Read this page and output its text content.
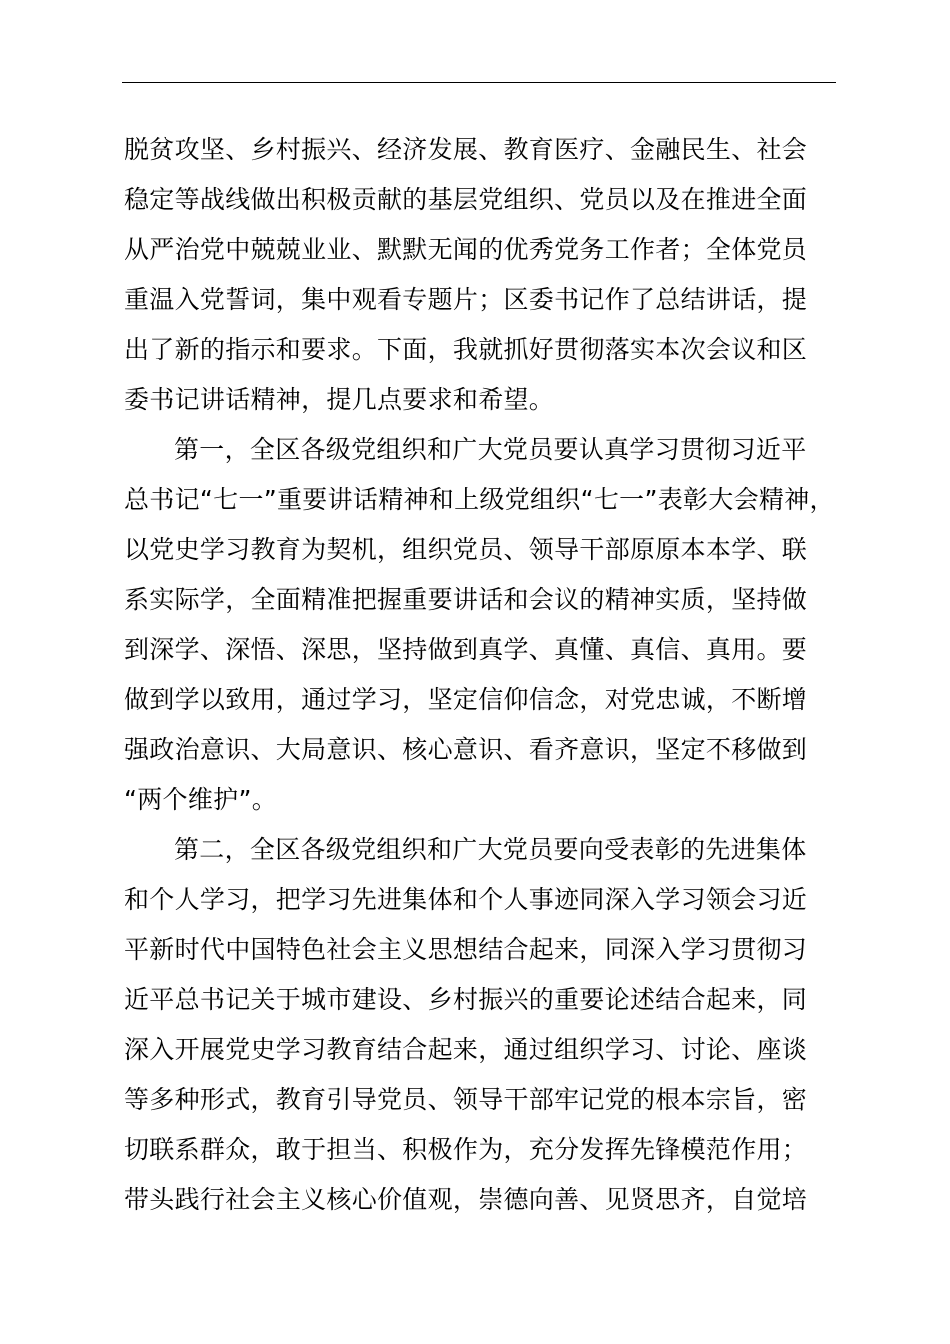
脱贫攻坚、乡村振兴、经济发展、教育医疗、金融民生、社会
稳定等战线做出积极贡献的基层党组织、党员以及在推进全面
从严治党中兢兢业业、默默无闻的优秀党务工作者；全体党员
重温入党誓词，集中观看专题片；区委书记作了总结讲话，提
出了新的指示和要求。下面，我就抓好贯彻落实本次会议和区
委书记讲话精神，提几点要求和希望。
第一，全区各级党组织和广大党员要认真学习贯彻习近平
总书记“七一”重要讲话精神和上级党组织“七一”表彰大会精神，
以党史学习教育为契机，组织党员、领导干部原原本本学、联
系实际学，全面精准把握重要讲话和会议的精神实质，坚持做
到深学、深悟、深思，坚持做到真学、真懂、真信、真用。要
做到学以致用，通过学习，坚定信仰信念，对党忠诚，不断增
强政治意识、大局意识、核心意识、看齐意识，坚定不移做到
“两个维护”。
第二，全区各级党组织和广大党员要向受表彰的先进集体
和个人学习，把学习先进集体和个人事迹同深入学习领会习近
平新时代中国特色社会主义思想结合起来，同深入学习贯彻习
近平总书记关于城市建设、乡村振兴的重要论述结合起来，同
深入开展党史学习教育结合起来，通过组织学习、讨论、座谈
等多种形式，教育引导党员、领导干部牢记党的根本宗旨，密
切联系群众，敢于担当、积极作为，充分发挥先锋模范作用；
带头践行社会主义核心价值观，崇德向善、见贤思齐，自觉培
